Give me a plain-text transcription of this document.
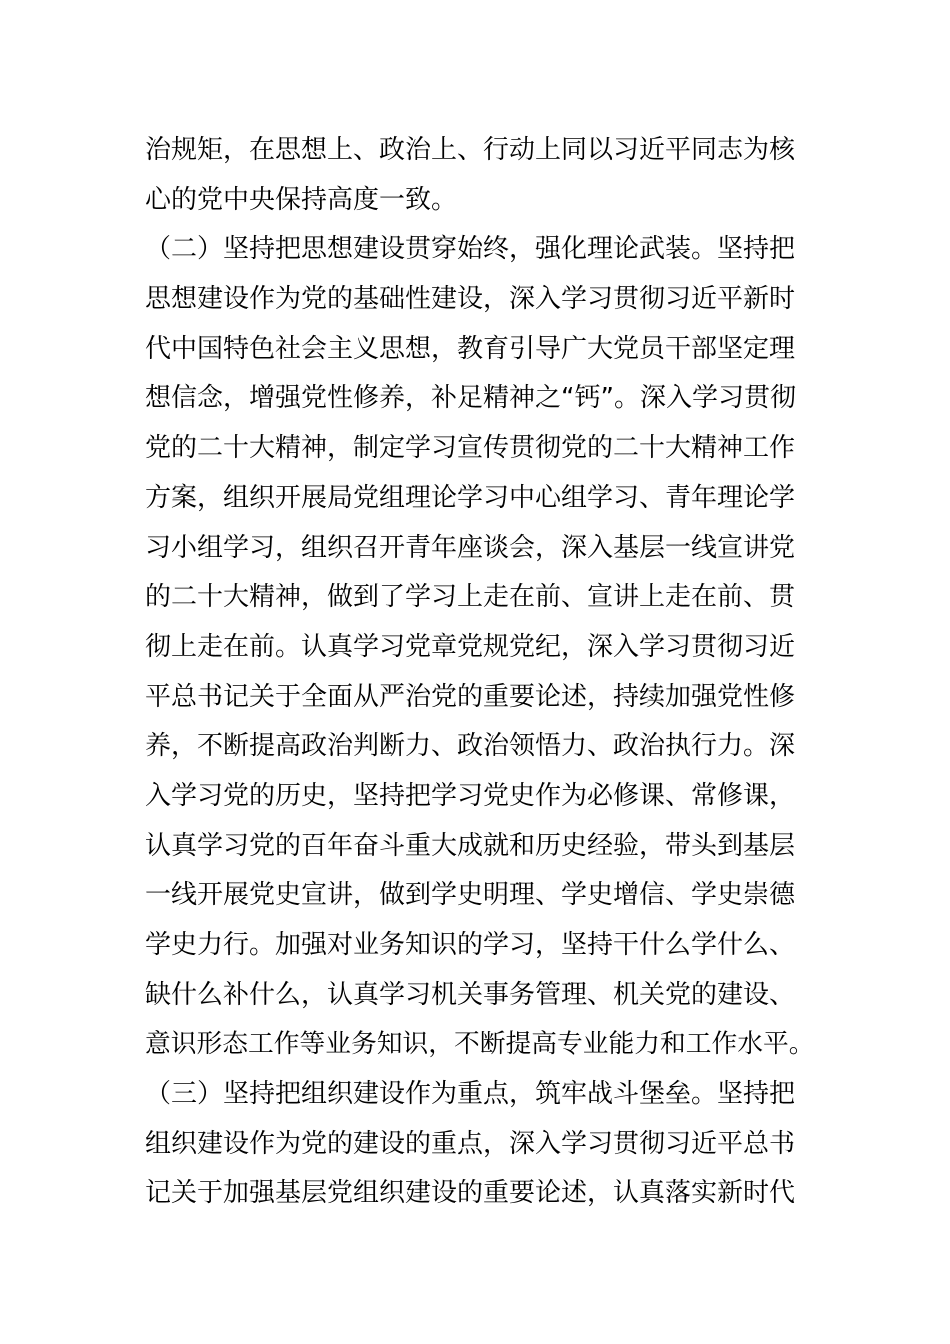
治规矩，在思想上、政治上、行动上同以习近平同志为核
心的党中央保持高度一致。
（二）坚持把思想建设贯穿始终，强化理论武装。坚持把
思想建设作为党的基础性建设，深入学习贯彻习近平新时
代中国特色社会主义思想，教育引导广大党员干部坚定理
想信念，增强党性修养，补足精神之“钙”。深入学习贯彻
党的二十大精神，制定学习宣传贯彻党的二十大精神工作
方案，组织开展局党组理论学习中心组学习、青年理论学
习小组学习，组织召开青年座谈会，深入基层一线宣讲党
的二十大精神，做到了学习上走在前、宣讲上走在前、贯
彻上走在前。认真学习党章党规党纪，深入学习贯彻习近
平总书记关于全面从严治党的重要论述，持续加强党性修
养，不断提高政治判断力、政治领悟力、政治执行力。深
入学习党的历史，坚持把学习党史作为必修课、常修课，
认真学习党的百年奋斗重大成就和历史经验，带头到基层
一线开展党史宣讲，做到学史明理、学史增信、学史崇德
学史力行。加强对业务知识的学习，坚持干什么学什么、
缺什么补什么，认真学习机关事务管理、机关党的建设、
意识形态工作等业务知识，不断提高专业能力和工作水平。
（三）坚持把组织建设作为重点，筑牢战斗堡垒。坚持把
组织建设作为党的建设的重点，深入学习贯彻习近平总书
记关于加强基层党组织建设的重要论述，认真落实新时代
